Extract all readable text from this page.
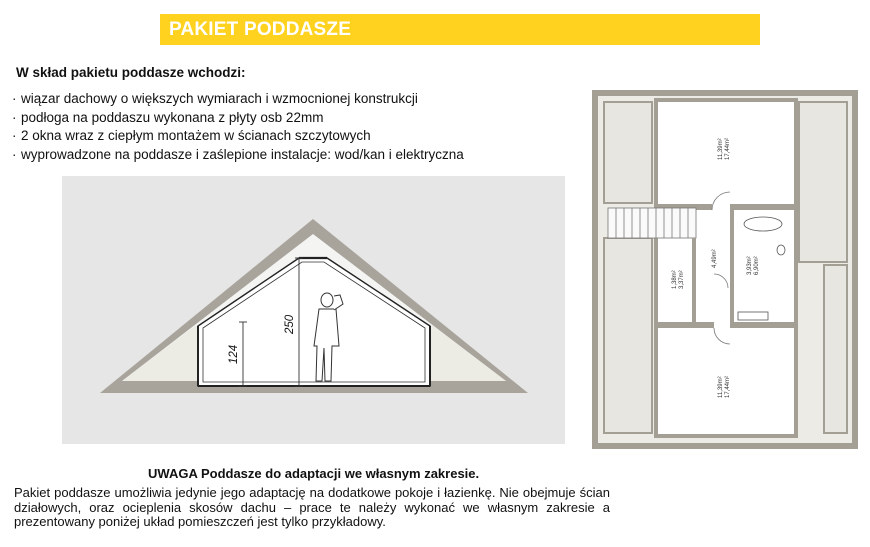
PAKIET PODDASZE
W skład pakietu poddasze wchodzi:
· wiązar dachowy o większych wymiarach i wzmocnionej konstrukcji
· podłoga na poddaszu wykonana z płyty osb 22mm
· 2 okna wraz z ciepłym montażem w ścianach szczytowych
· wyprowadzone na poddasze i zaślepione instalacje: wod/kan i elektryczna
250
124
11,39m² 17,44m²
4,49m²
1,38m² 3,37m²
3,93m² 6,90m²
11,39m² 17,44m²
UWAGA Poddasze do adaptacji we własnym zakresie.
Pakiet poddasze umożliwia jedynie jego adaptację na dodatkowe pokoje i łazienkę. Nie obejmuje ścian działowych, oraz ocieplenia skosów dachu – prace te należy wykonać we własnym zakresie a prezentowany poniżej układ pomieszczeń jest tylko przykładowy.
